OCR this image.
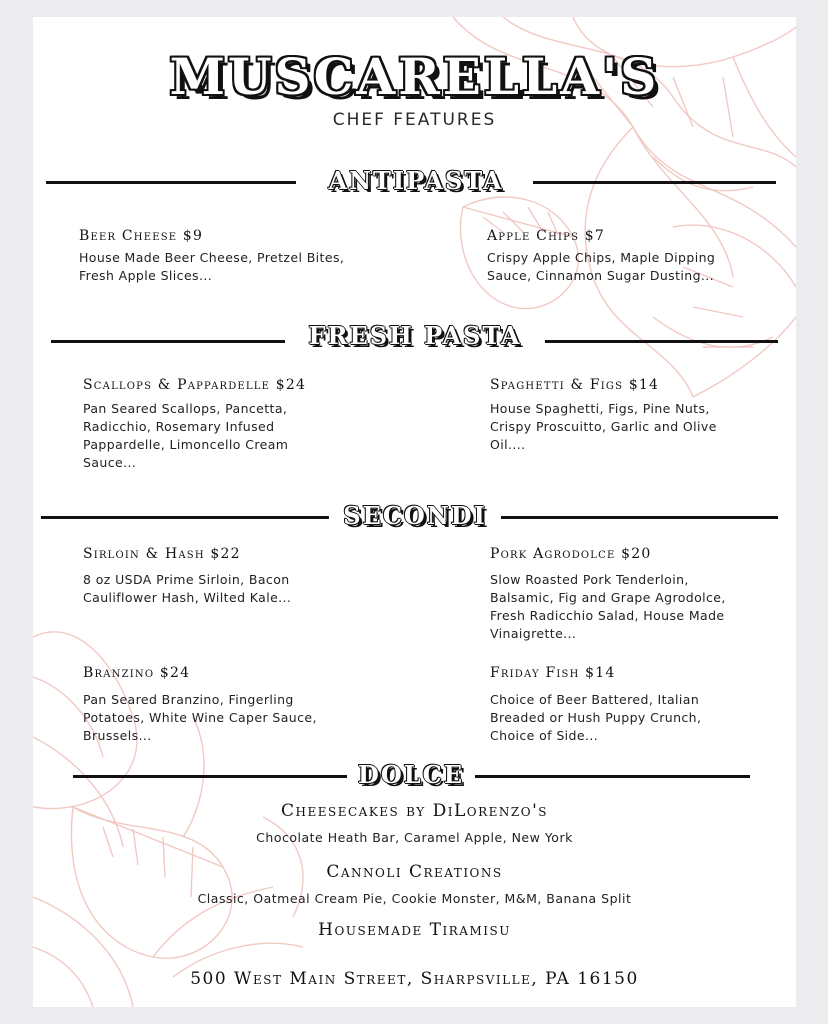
MUSCARELLA'S
CHEF FEATURES
ANTIPASTA
Beer Cheese $9
House Made Beer Cheese, Pretzel Bites, Fresh Apple Slices...
Apple Chips $7
Crispy Apple Chips, Maple Dipping Sauce, Cinnamon Sugar Dusting...
FRESH PASTA
Scallops & Pappardelle $24
Pan Seared Scallops, Pancetta, Radicchio, Rosemary Infused Pappardelle, Limoncello Cream Sauce...
Spaghetti & Figs $14
House Spaghetti, Figs, Pine Nuts, Crispy Proscuitto, Garlic and Olive Oil....
SECONDI
Sirloin & Hash $22
8 oz USDA Prime Sirloin, Bacon Cauliflower Hash, Wilted Kale...
Pork Agrodolce $20
Slow Roasted Pork Tenderloin, Balsamic, Fig and Grape Agrodolce, Fresh Radicchio Salad, House Made Vinaigrette...
Branzino $24
Pan Seared Branzino, Fingerling Potatoes, White Wine Caper Sauce, Brussels...
Friday Fish $14
Choice of Beer Battered, Italian Breaded or Hush Puppy Crunch, Choice of Side...
DOLCE
Cheesecakes by DiLorenzo's
Chocolate Heath Bar, Caramel Apple, New York
Cannoli Creations
Classic, Oatmeal Cream Pie, Cookie Monster, M&M, Banana Split
Housemade Tiramisu
500 West Main Street, Sharpsville, PA 16150
